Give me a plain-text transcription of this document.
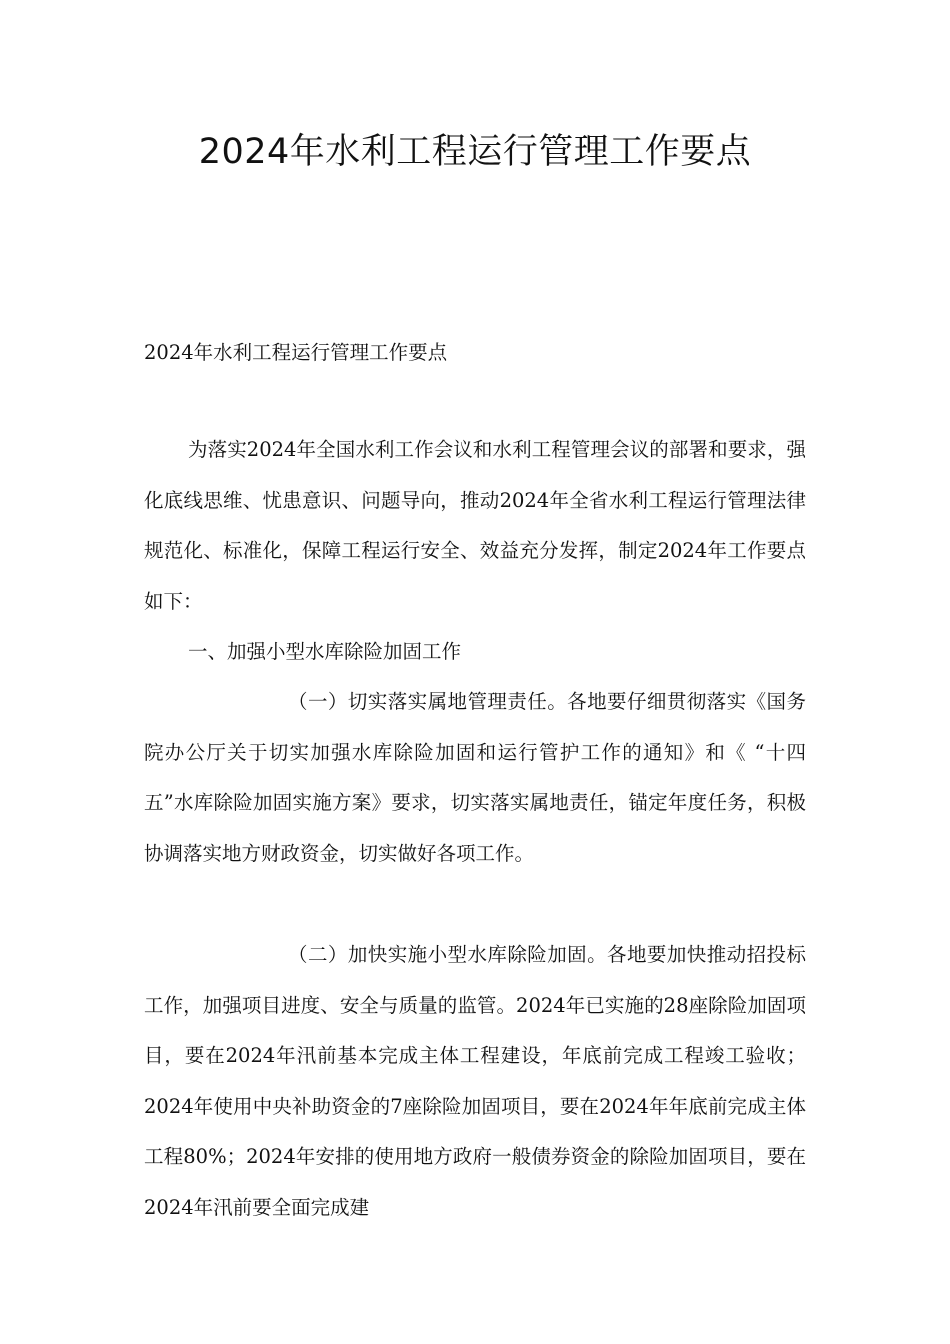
2024年水利工程运行管理工作要点

2024年水利工程运行管理工作要点

为落实2024年全国水利工作会议和水利工程管理会议的部署和要求，强化底线思维、忧患意识、问题导向，推动2024年全省水利工程运行管理法律规范化、标准化，保障工程运行安全、效益充分发挥，制定2024年工作要点如下：

一、加强小型水库除险加固工作

（一）切实落实属地管理责任。各地要仔细贯彻落实《国务院办公厅关于切实加强水库除险加固和运行管护工作的通知》和《 “十四五”水库除险加固实施方案》要求，切实落实属地责任，锚定年度任务，积极协调落实地方财政资金，切实做好各项工作。

（二）加快实施小型水库除险加固。各地要加快推动招投标工作，加强项目进度、安全与质量的监管。2024年已实施的28座除险加固项目，要在2024年汛前基本完成主体工程建设，年底前完成工程竣工验收；2024年使用中央补助资金的7座除险加固项目，要在2024年年底前完成主体工程80%；2024年安排的使用地方政府一般债券资金的除险加固项目，要在2024年汛前要全面完成建
